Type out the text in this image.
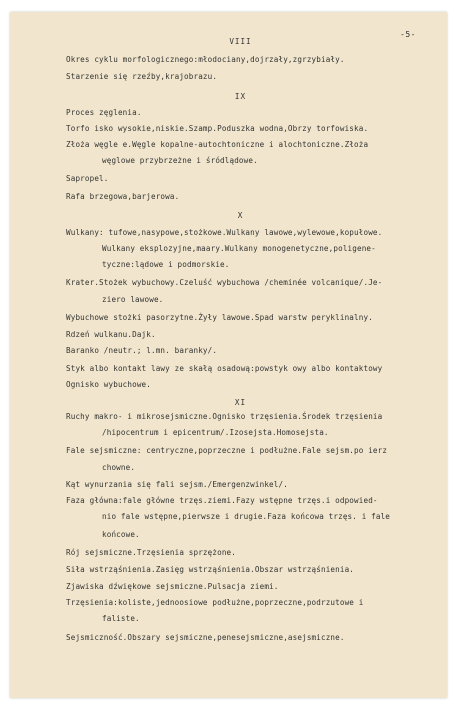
-5-
VIII
Okres cyklu morfologicznego:młodociany,dojrzały,zgrzybiały.
Starzenie się rzeźby,krajobrazu.
IX
Proces zęglenia.
Torfo isko wysokie,niskie.Szamp.Poduszka wodna,Obrzy torfowiska.
Złoża węgle e.Węgle kopalne-autochtoniczne i alochtoniczne.Złoża
węglowe przybrzeżne i śródlądowe.
Sapropel.
Rafa brzegowa,barjerowa.
X
Wulkany: tufowe,nasypowe,stożkowe.Wulkany lawowe,wylewowe,kopułowe.
Wulkany eksplozyjne,maary.Wulkany monogenetyczne,poligene-
tyczne:lądowe i podmorskie.
Krater.Stożek wybuchowy.Czeluść wybuchowa /cheminée volcanique/.Je-
ziero lawowe.
Wybuchowe stożki pasorzytne.Żyły lawowe.Spad warstw peryklinalny.
Rdzeń wulkanu.Dajk.
Baranko /neutr.; l.mn. baranky/.
Styk albo kontakt lawy ze skałą osadową:powstyk owy albo kontaktowy
Ognisko wybuchowe.
XI
Ruchy makro- i mikrosejsmiczne.Ognisko trzęsienia.Środek trzęsienia
/hipocentrum i epicentrum/.Izosejsta.Homosejsta.
Fale sejsmiczne: centryczne,poprzeczne i podłużne.Fale sejsm.po ierz
chowne.
Kąt wynurzania się fali sejsm./Emergenzwinkel/.
Faza główna:fale główne trzęs.ziemi.Fazy wstępne trzęs.i odpowied-
nio fale wstępne,pierwsze i drugie.Faza końcowa trzęs. i fale
końcowe.
Rój sejsmiczne.Trzęsienia sprzężone.
Siła wstrząśnienia.Zasięg wstrząśnienia.Obszar wstrząśnienia.
Zjawiska dźwiękowe sejsmiczne.Pulsacja ziemi.
Trzęsienia:koliste,jednoosiowe podłużne,poprzeczne,podrzutowe i
faliste.
Sejsmiczność.Obszary sejsmiczne,penesejsmiczne,asejsmiczne.
